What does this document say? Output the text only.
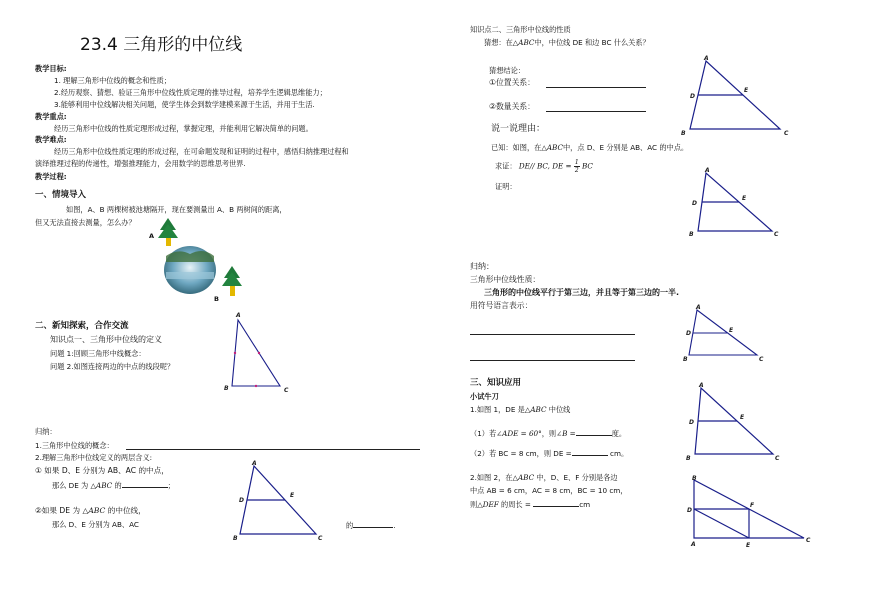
23.4 三角形的中位线
教学目标:
1. 理解三角形中位线的概念和性质；
2.经历观察、猜想、验证三角形中位线性质定理的推导过程，培养学生逻辑思维能力；
3.能够利用中位线解决相关问题，使学生体会到数学建模来源于生活，并用于生活.
教学重点:
经历三角形中位线的性质定理形成过程，掌握定理，并能利用它解决简单的问题。
教学难点:
经历三角形中位线性质定理的形成过程，在可命题发现和证明的过程中，感悟归纳推理过程和
演绎推理过程的传递性，增强推理能力，会用数学的思维思考世界.
教学过程:
一、情境导入
如图，A、B 两棵树被池塘隔开，现在要测量出 A、B 两树间的距离，
但又无法直接去测量，怎么办？
A
B
二、新知探索，合作交流
知识点一、三角形中位线的定义
问题 1:回顾三角形中线概念：
问题 2.如图连接两边的中点的线段呢？
A
B	C
归纳：
1.三角形中位线的概念：
2.理解三角形中位线定义的两层含义:
① 如果 D、E 分别为 AB、AC 的中点，
那么 DE 为 △ABC 的	；
②如果 DE 为 △ABC 的中位线，
那么 D、E 分别为 AB、AC	的	.
A
D
E
B	C
知识点二、三角形中位线的性质
猜想：在△ABC中，中位线 DE 和边 BC 什么关系？
猜想结论：
①位置关系：
②数量关系：
说一说理由：
已知：如图，在△ABC中，点 D、E 分别是 AB、AC 的中点。
求证： DE// BC, DE = $\frac{1}{2}$ BC
证明：
A
D
E
B	C
A
D
E
B	C
归纳：
三角形中位线性质：
三角形的中位线平行于第三边，并且等于第三边的一半.
用符号语言表示：	A
D	E
B	C
三、知识应用
小试牛刀
1.如图 1，DE 是△ABC 中位线
（1）若∠ADE = 60°，则∠B =	度。
（2）若 BC = 8 cm，则 DE =	cm。
2.如图 2，在△ABC 中，D、E、F 分别是各边
中点 AB = 6 cm，AC = 8 cm，BC = 10 cm，
则△DEF 的周长 =	cm
A
D
E
B	C
B
D
F
A	E
C
